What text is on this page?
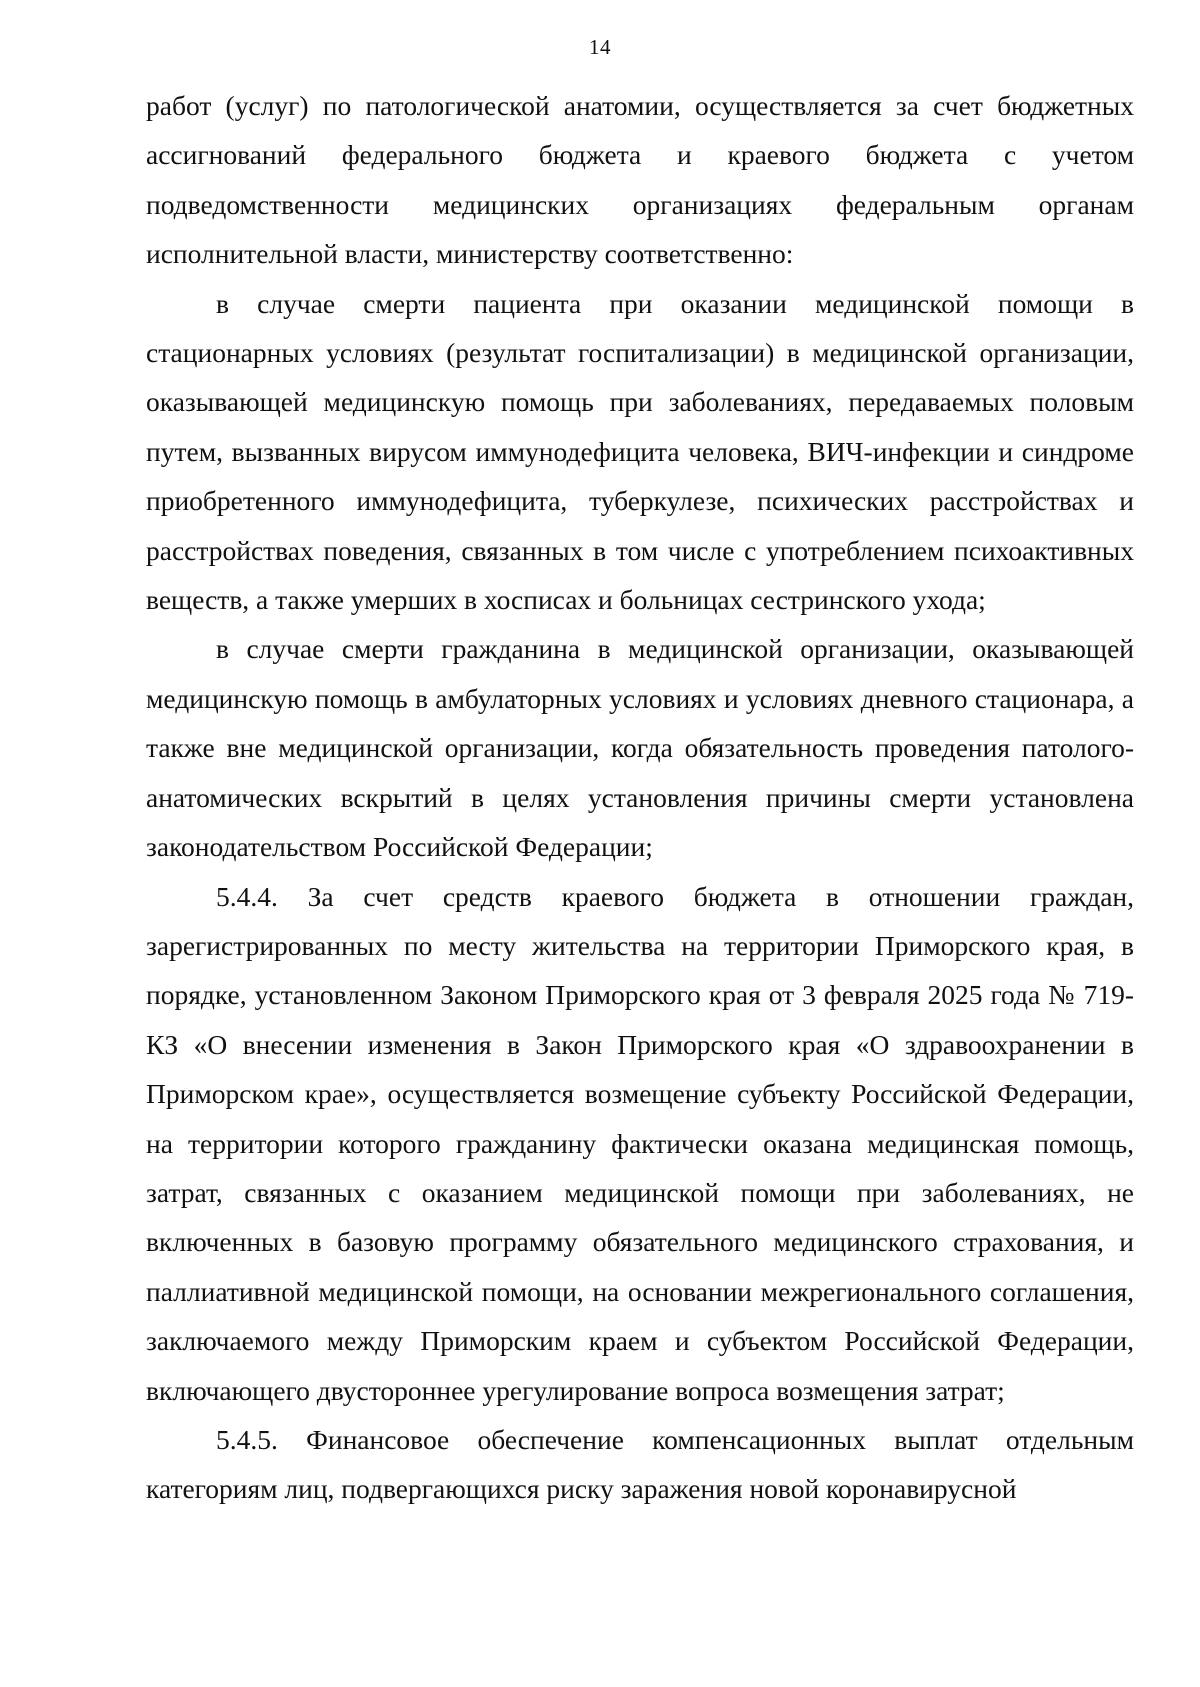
14

работ (услуг) по патологической анатомии, осуществляется за счет бюджетных ассигнований федерального бюджета и краевого бюджета с учетом подведомственности медицинских организациях федеральным органам исполнительной власти, министерству соответственно:

в случае смерти пациента при оказании медицинской помощи в стационарных условиях (результат госпитализации) в медицинской организации, оказывающей медицинскую помощь при заболеваниях, передаваемых половым путем, вызванных вирусом иммунодефицита человека, ВИЧ-инфекции и синдроме приобретенного иммунодефицита, туберкулезе, психических расстройствах и расстройствах поведения, связанных в том числе с употреблением психоактивных веществ, а также умерших в хосписах и больницах сестринского ухода;

в случае смерти гражданина в медицинской организации, оказывающей медицинскую помощь в амбулаторных условиях и условиях дневного стационара, а также вне медицинской организации, когда обязательность проведения патолого-анатомических вскрытий в целях установления причины смерти установлена законодательством Российской Федерации;

5.4.4. За счет средств краевого бюджета в отношении граждан, зарегистрированных по месту жительства на территории Приморского края, в порядке, установленном Законом Приморского края от 3 февраля 2025 года № 719-КЗ «О внесении изменения в Закон Приморского края «О здравоохранении в Приморском крае», осуществляется возмещение субъекту Российской Федерации, на территории которого гражданину фактически оказана медицинская помощь, затрат, связанных с оказанием медицинской помощи при заболеваниях, не включенных в базовую программу обязательного медицинского страхования, и паллиативной медицинской помощи, на основании межрегионального соглашения, заключаемого между Приморским краем и субъектом Российской Федерации, включающего двустороннее урегулирование вопроса возмещения затрат;

5.4.5. Финансовое обеспечение компенсационных выплат отдельным категориям лиц, подвергающихся риску заражения новой коронавирусной
